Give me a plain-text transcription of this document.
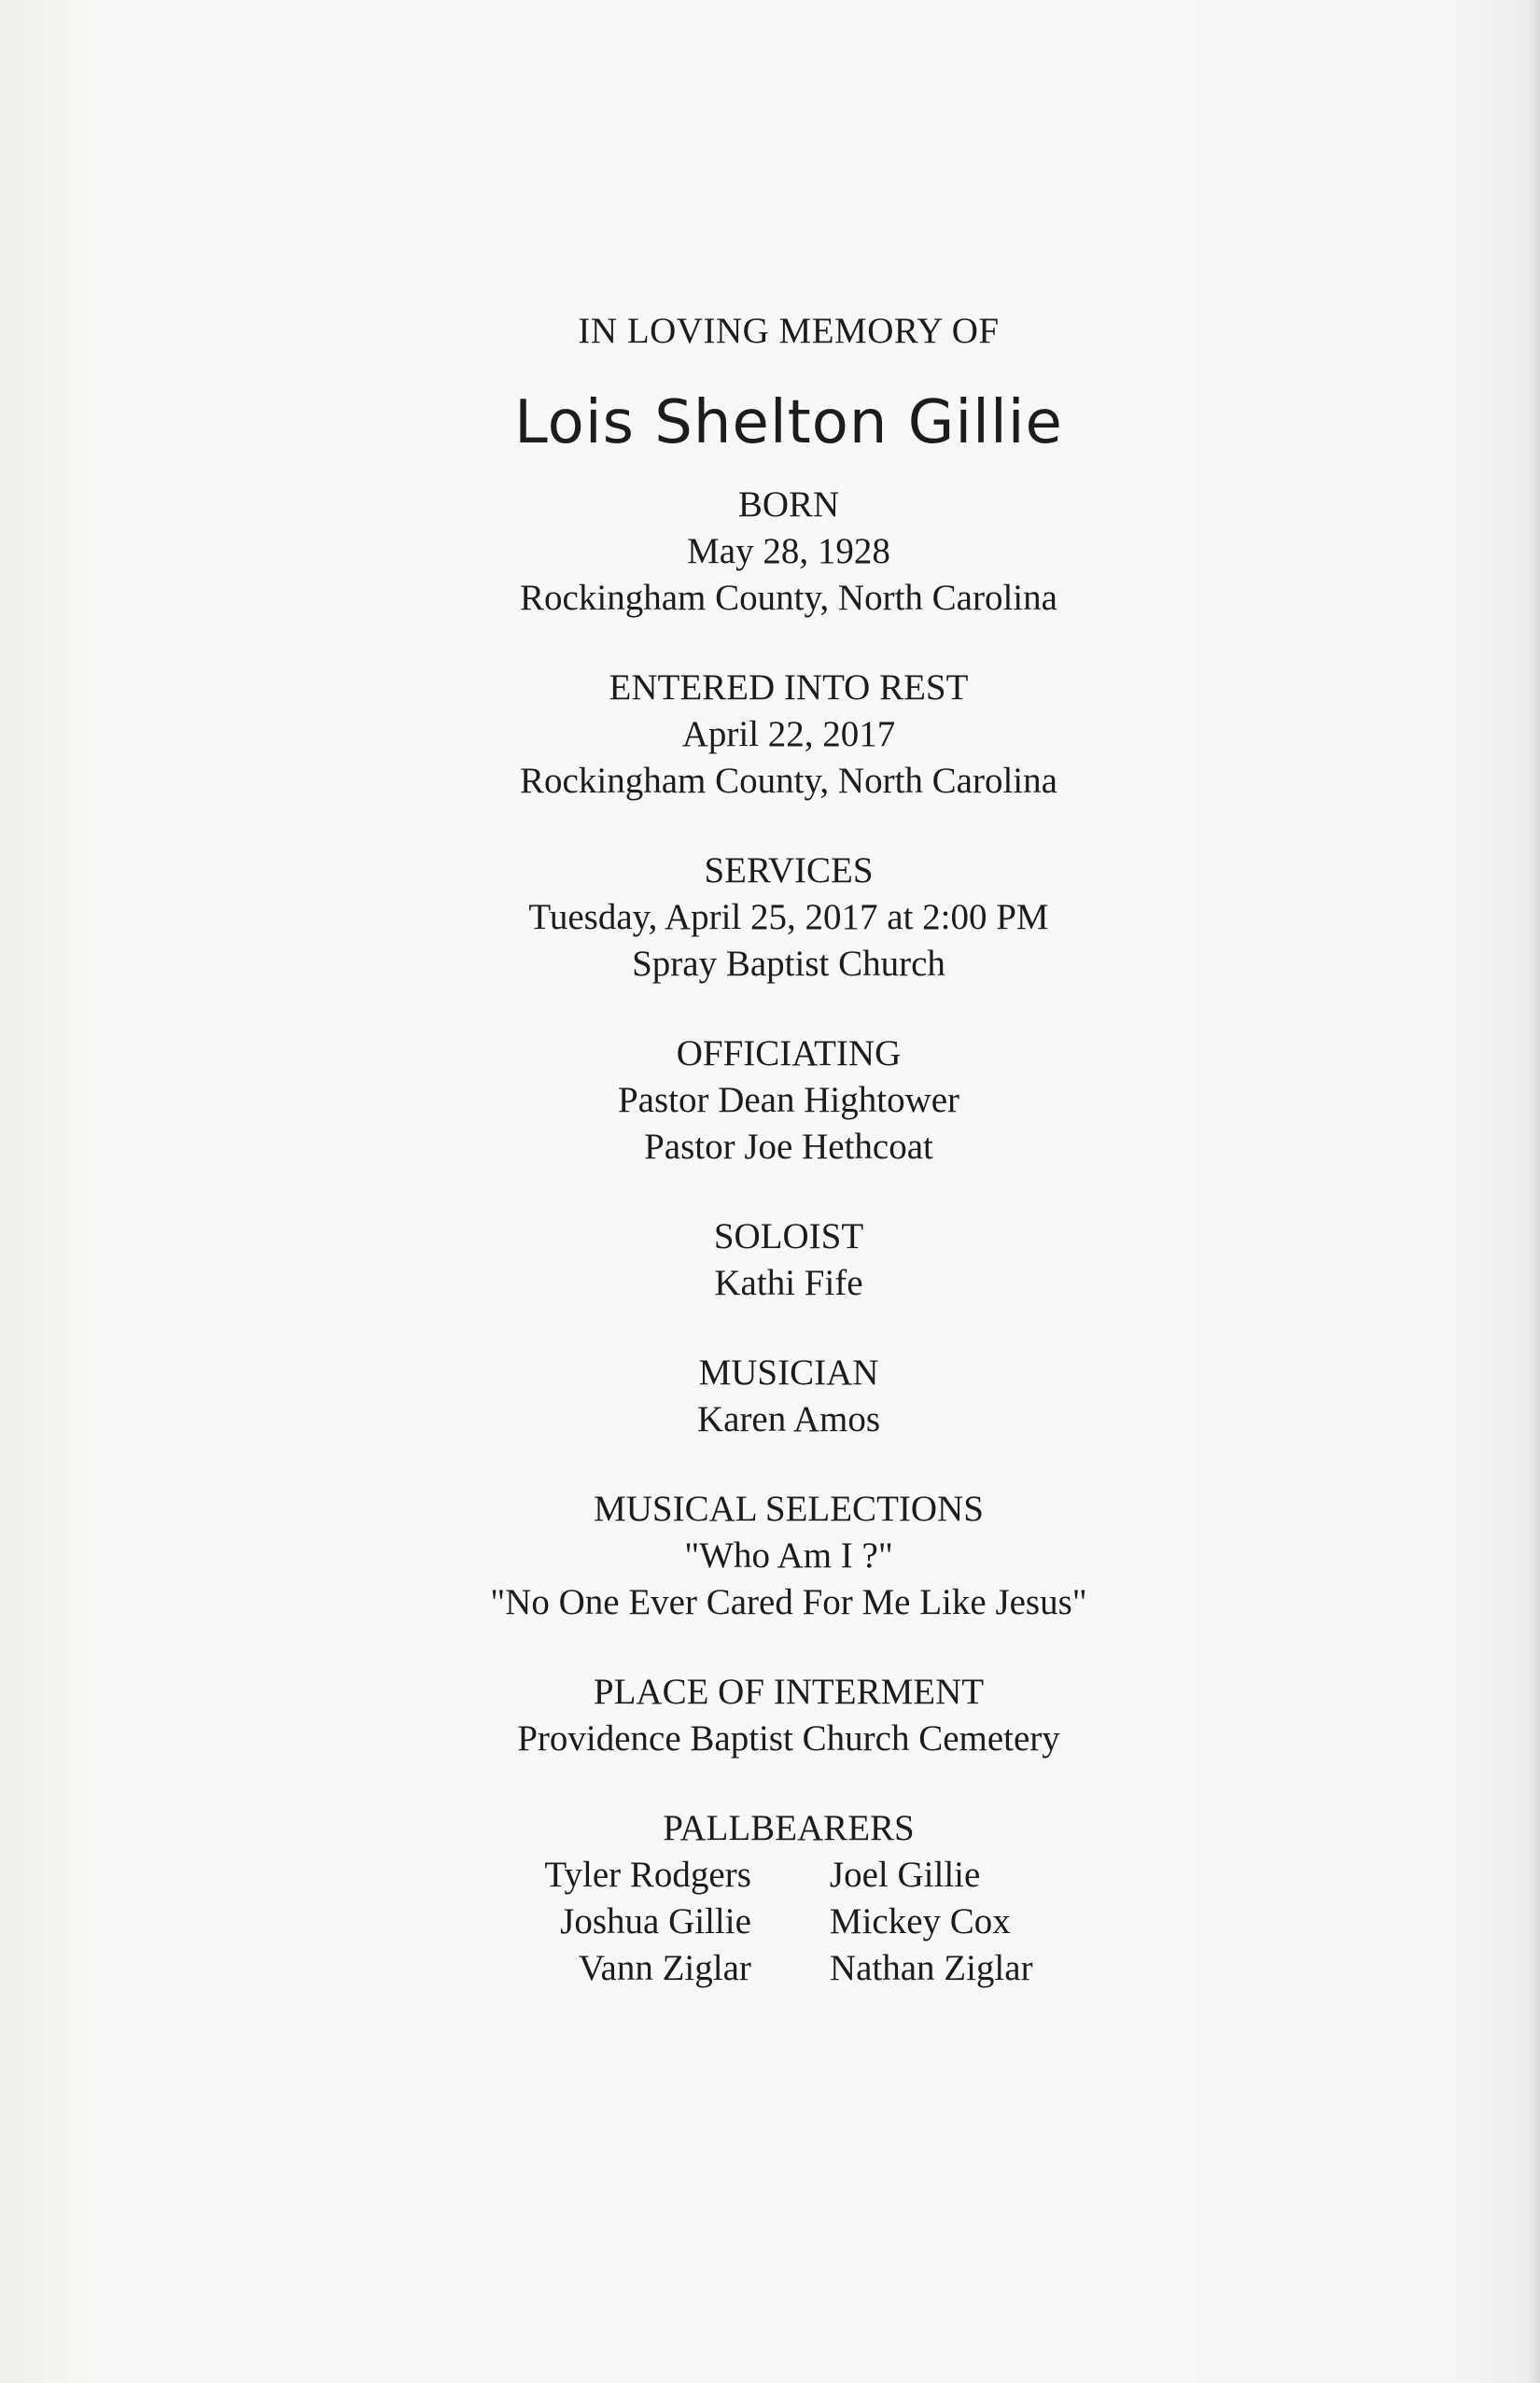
IN LOVING MEMORY OF

Lois Shelton Gillie

BORN

May 28, 1928

Rockingham County, North Carolina

ENTERED INTO REST

April 22, 2017

Rockingham County, North Carolina

SERVICES

Tuesday, April 25, 2017 at 2:00 PM

Spray Baptist Church

OFFICIATING

Pastor Dean Hightower

Pastor Joe Hethcoat

SOLOIST

Kathi Fife

MUSICIAN

Karen Amos

MUSICAL SELECTIONS

"Who Am I ?"

"No One Ever Cared For Me Like Jesus"

PLACE OF INTERMENT

Providence Baptist Church Cemetery

PALLBEARERS

Tyler Rodgers
Joshua Gillie
Vann Ziglar
Joel Gillie
Mickey Cox
Nathan Ziglar
